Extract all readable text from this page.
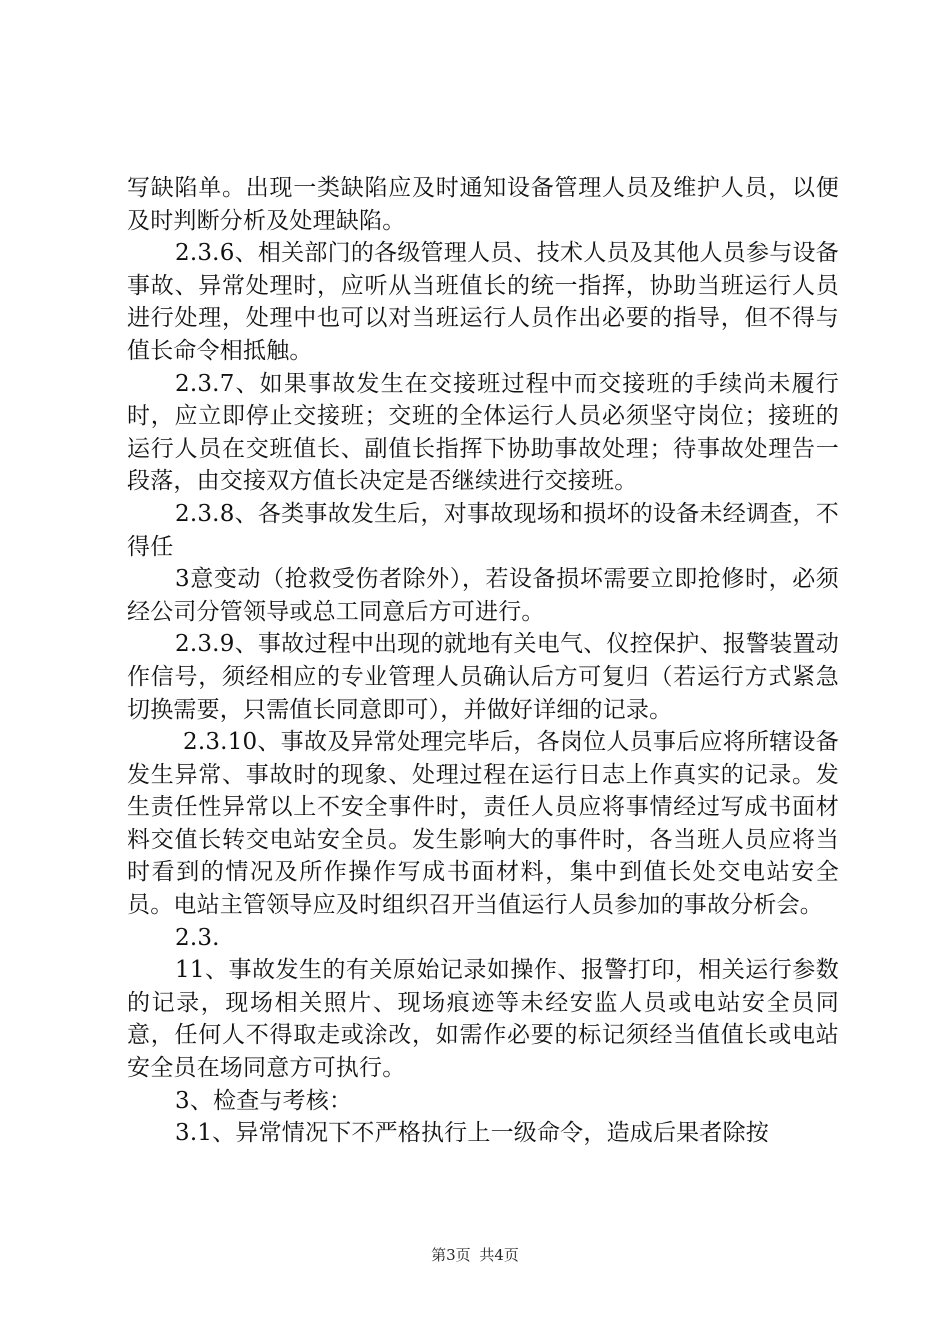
写缺陷单。出现一类缺陷应及时通知设备管理人员及维护人员，以便及时判断分析及处理缺陷。

2.3.6、相关部门的各级管理人员、技术人员及其他人员参与设备事故、异常处理时，应听从当班值长的统一指挥，协助当班运行人员进行处理，处理中也可以对当班运行人员作出必要的指导，但不得与值长命令相抵触。

2.3.7、如果事故发生在交接班过程中而交接班的手续尚未履行时，应立即停止交接班；交班的全体运行人员必须坚守岗位；接班的运行人员在交班值长、副值长指挥下协助事故处理；待事故处理告一段落，由交接双方值长决定是否继续进行交接班。

2.3.8、各类事故发生后，对事故现场和损坏的设备未经调查，不得任

3意变动（抢救受伤者除外），若设备损坏需要立即抢修时，必须经公司分管领导或总工同意后方可进行。

2.3.9、事故过程中出现的就地有关电气、仪控保护、报警装置动作信号，须经相应的专业管理人员确认后方可复归（若运行方式紧急切换需要，只需值长同意即可），并做好详细的记录。

2.3.10、事故及异常处理完毕后，各岗位人员事后应将所辖设备发生异常、事故时的现象、处理过程在运行日志上作真实的记录。发生责任性异常以上不安全事件时，责任人员应将事情经过写成书面材料交值长转交电站安全员。发生影响大的事件时，各当班人员应将当时看到的情况及所作操作写成书面材料，集中到值长处交电站安全员。电站主管领导应及时组织召开当值运行人员参加的事故分析会。

2.3.

11、事故发生的有关原始记录如操作、报警打印，相关运行参数的记录，现场相关照片、现场痕迹等未经安监人员或电站安全员同意，任何人不得取走或涂改，如需作必要的标记须经当值值长或电站安全员在场同意方可执行。

3、检查与考核：

3.1、异常情况下不严格执行上一级命令，造成后果者除按

第3页 共4页
